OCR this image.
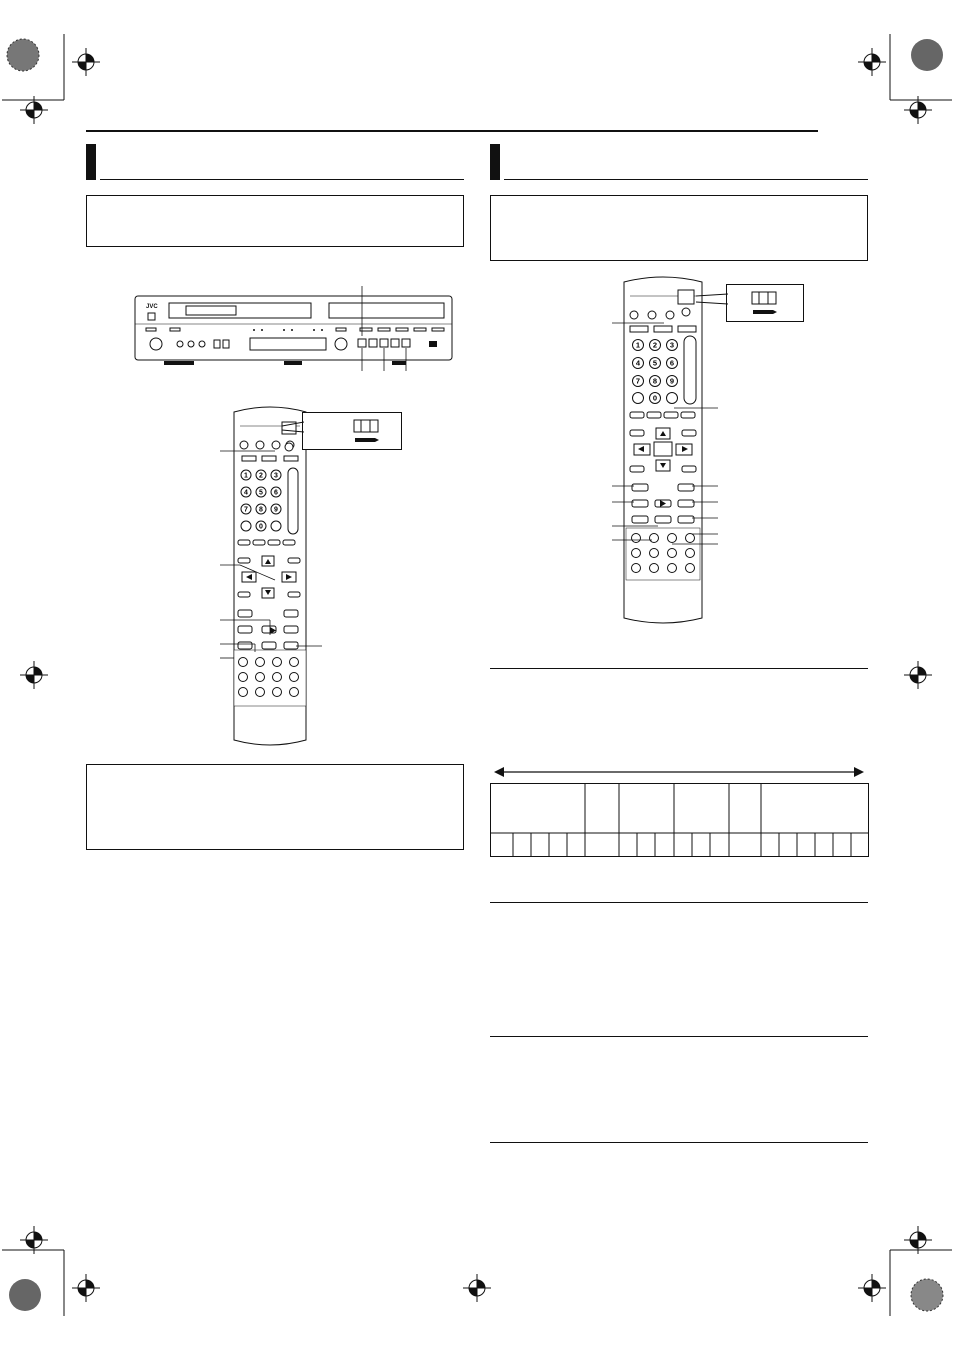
JVC
1 2 3
4 5 6
7 8 9
0
1 2 3
4 5 6
7 8 9
0
